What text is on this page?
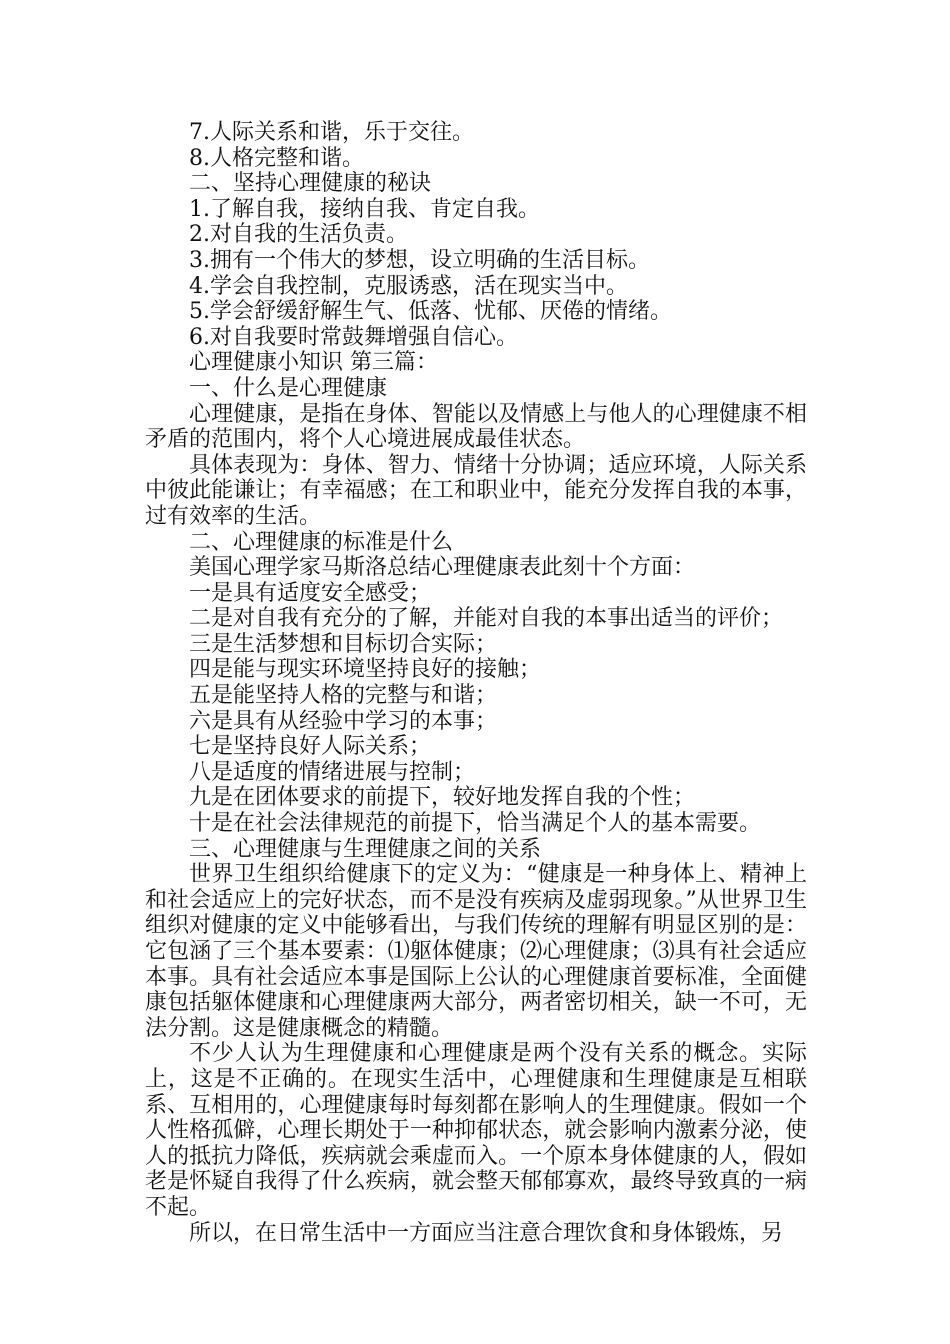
7.人际关系和谐，乐于交往。
8.人格完整和谐。
二、坚持心理健康的秘诀
1.了解自我，接纳自我、肯定自我。
2.对自我的生活负责。
3.拥有一个伟大的梦想，设立明确的生活目标。
4.学会自我控制，克服诱惑，活在现实当中。
5.学会舒缓舒解生气、低落、忧郁、厌倦的情绪。
6.对自我要时常鼓舞增强自信心。
心理健康小知识 第三篇：
一、什么是心理健康
心理健康，是指在身体、智能以及情感上与他人的心理健康不相矛盾的范围内，将个人心境进展成最佳状态。
具体表现为：身体、智力、情绪十分协调；适应环境，人际关系中彼此能谦让；有幸福感；在工和职业中，能充分发挥自我的本事，过有效率的生活。
二、心理健康的标准是什么
美国心理学家马斯洛总结心理健康表此刻十个方面：
一是具有适度安全感受；
二是对自我有充分的了解，并能对自我的本事出适当的评价；
三是生活梦想和目标切合实际；
四是能与现实环境坚持良好的接触；
五是能坚持人格的完整与和谐；
六是具有从经验中学习的本事；
七是坚持良好人际关系；
八是适度的情绪进展与控制；
九是在团体要求的前提下，较好地发挥自我的个性；
十是在社会法律规范的前提下，恰当满足个人的基本需要。
三、心理健康与生理健康之间的关系
世界卫生组织给健康下的定义为：“健康是一种身体上、精神上和社会适应上的完好状态，而不是没有疾病及虚弱现象。”从世界卫生组织对健康的定义中能够看出，与我们传统的理解有明显区别的是：它包涵了三个基本要素：⑴躯体健康；⑵心理健康；⑶具有社会适应本事。具有社会适应本事是国际上公认的心理健康首要标准，全面健康包括躯体健康和心理健康两大部分，两者密切相关，缺一不可，无法分割。这是健康概念的精髓。
不少人认为生理健康和心理健康是两个没有关系的概念。实际上，这是不正确的。在现实生活中，心理健康和生理健康是互相联系、互相用的，心理健康每时每刻都在影响人的生理健康。假如一个人性格孤僻，心理长期处于一种抑郁状态，就会影响内激素分泌，使人的抵抗力降低，疾病就会乘虚而入。一个原本身体健康的人，假如老是怀疑自我得了什么疾病，就会整天郁郁寡欢，最终导致真的一病不起。
所以，在日常生活中一方面应当注意合理饮食和身体锻炼，另
